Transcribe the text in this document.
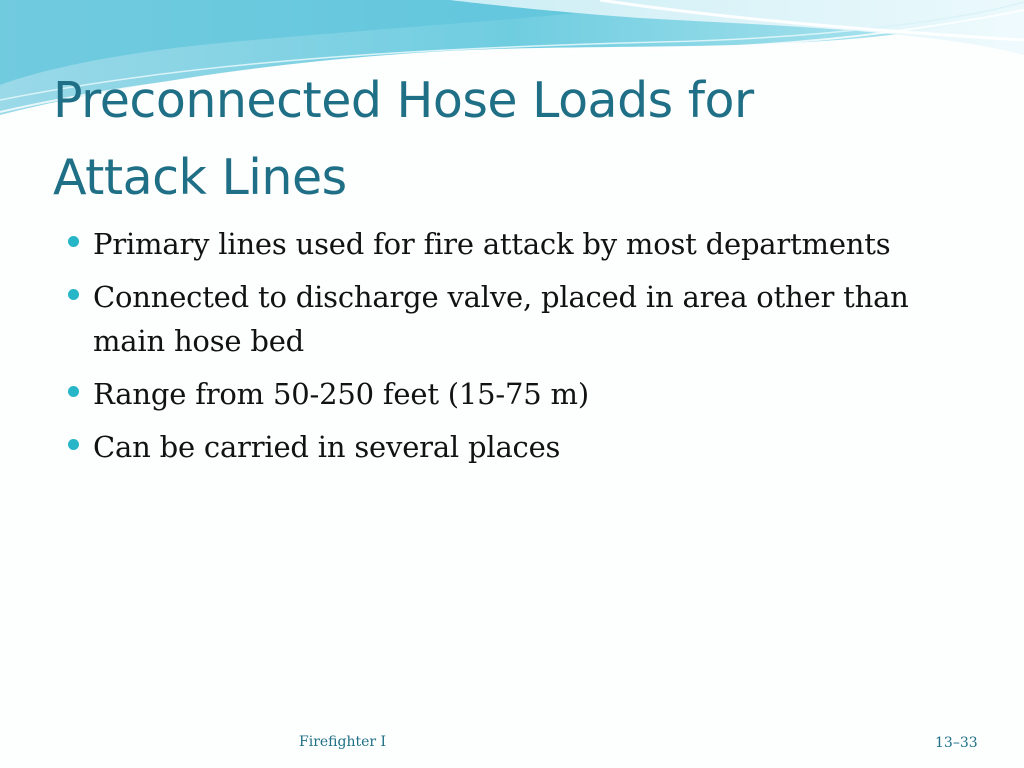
Preconnected Hose Loads for
Attack Lines
Primary lines used for fire attack by most departments
Connected to discharge valve, placed in area other than main hose bed
Range from 50-250 feet (15-75 m)
Can be carried in several places
Firefighter I	13–33
